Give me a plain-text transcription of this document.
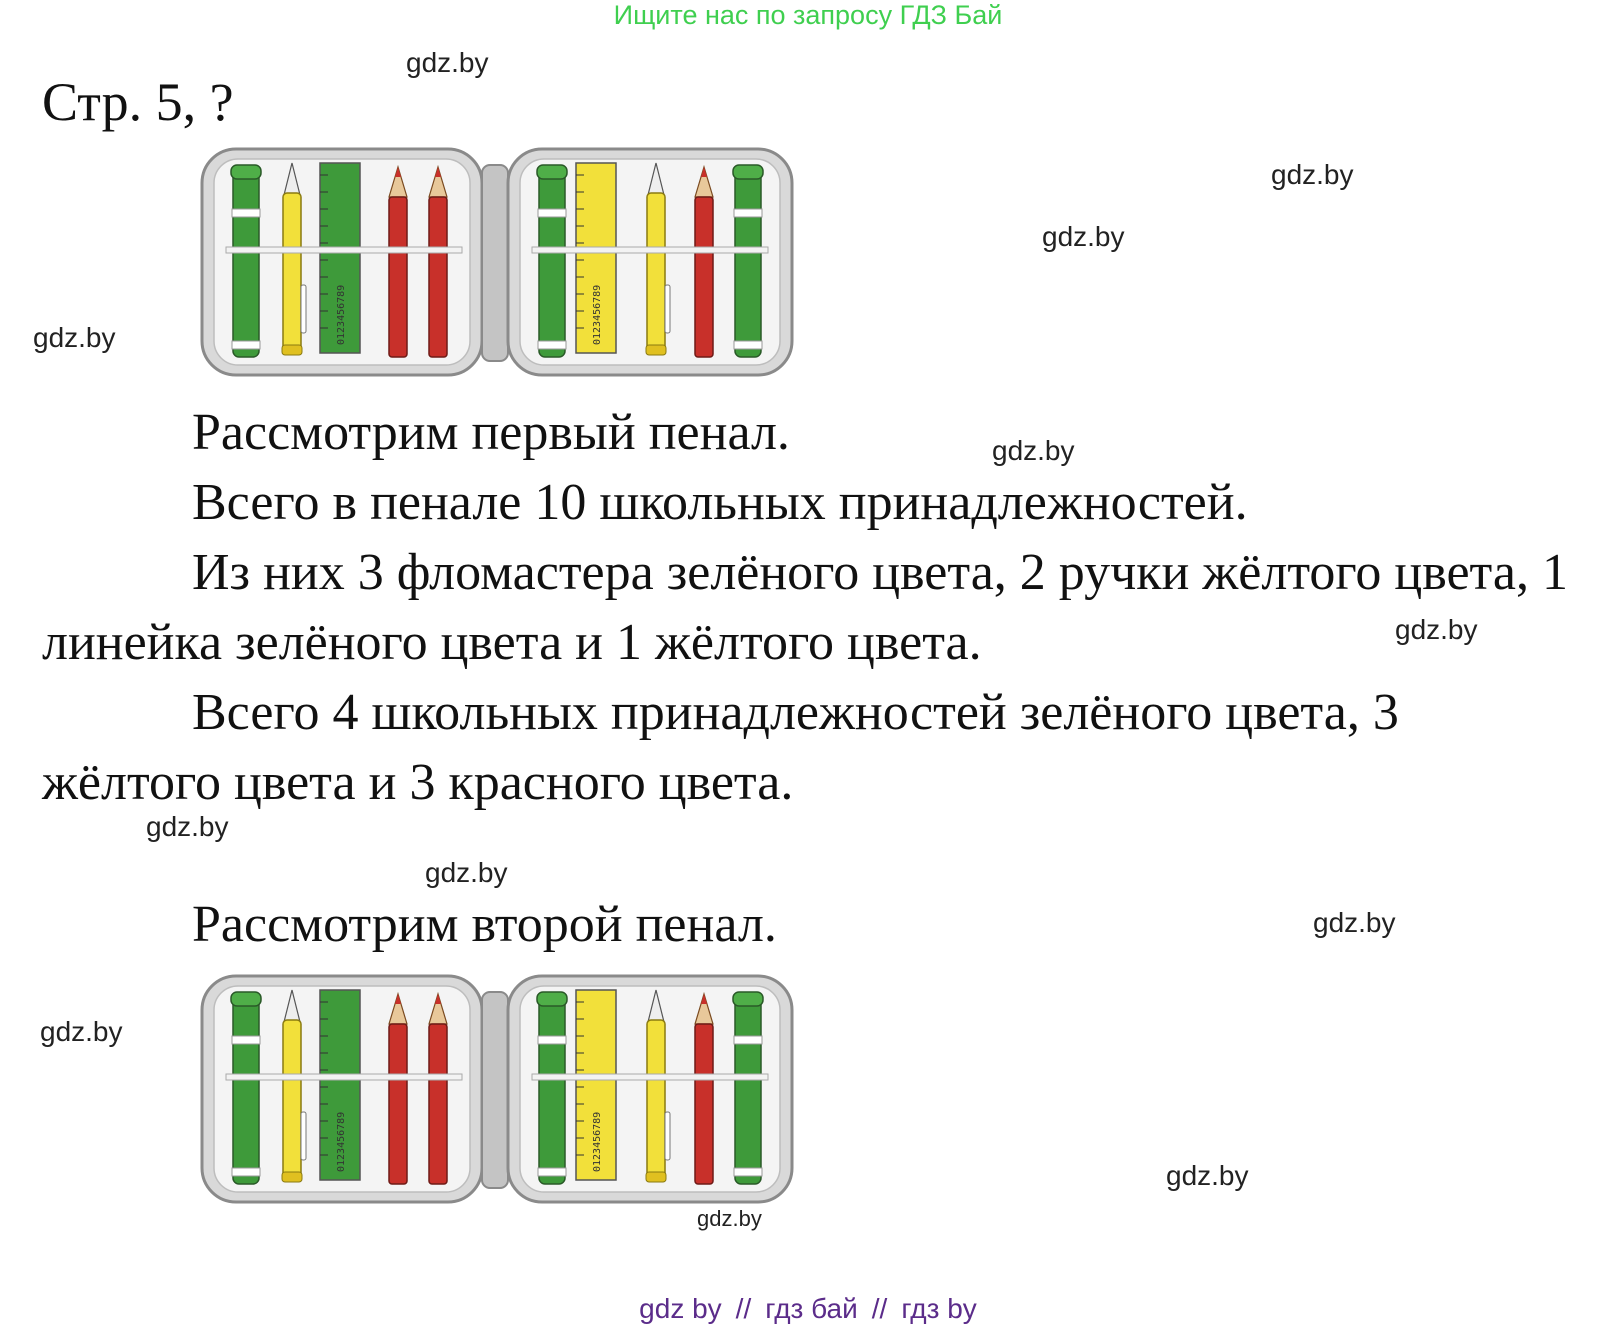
Ищите нас по запросу ГДЗ Бай
Стр. 5, ?
gdz.by
gdz.by
gdz.by
gdz.by
gdz.by
gdz.by
gdz.by
gdz.by
gdz.by
gdz.by
gdz.by
gdz.by

Рассмотрим первый пенал.

Всего в пенале 10 школьных принадлежностей.

Из них 3 фломастера зелёного цвета, 2 ручки жёлтого цвета, 1 линейка зелёного цвета и 1 жёлтого цвета.

Всего 4 школьных принадлежностей зелёного цвета, 3 жёлтого цвета и 3 красного цвета.

Рассмотрим второй пенал.

0123456789	0123456789
0123456789	0123456789
gdz by // гдз бай // гдз by
